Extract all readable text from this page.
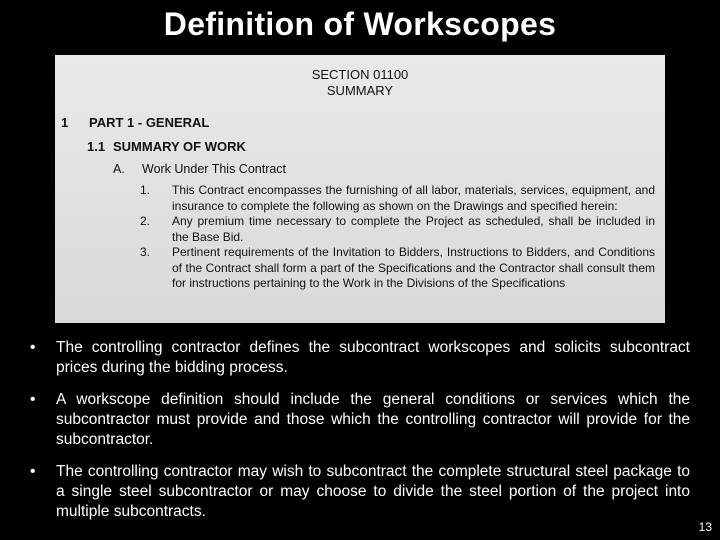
Definition of Workscopes
SECTION 01100
SUMMARY
1 PART 1 - GENERAL
1.1 SUMMARY OF WORK
A. Work Under This Contract
1.	This Contract encompasses the furnishing of all labor, materials, services, equipment, and insurance to complete the following as shown on the Drawings and specified herein:
2.	Any premium time necessary to complete the Project as scheduled, shall be included in the Base Bid.
3.	Pertinent requirements of the Invitation to Bidders, Instructions to Bidders, and Conditions of the Contract shall form a part of the Specifications and the Contractor shall consult them for instructions pertaining to the Work in the Divisions of the Specifications
•	The controlling contractor defines the subcontract workscopes and solicits subcontract prices during the bidding process.
•	A workscope definition should include the general conditions or services which the subcontractor must provide and those which the controlling contractor will provide for the subcontractor.
•	The controlling contractor may wish to subcontract the complete structural steel package to a single steel subcontractor or may choose to divide the steel portion of the project into multiple subcontracts.
13
